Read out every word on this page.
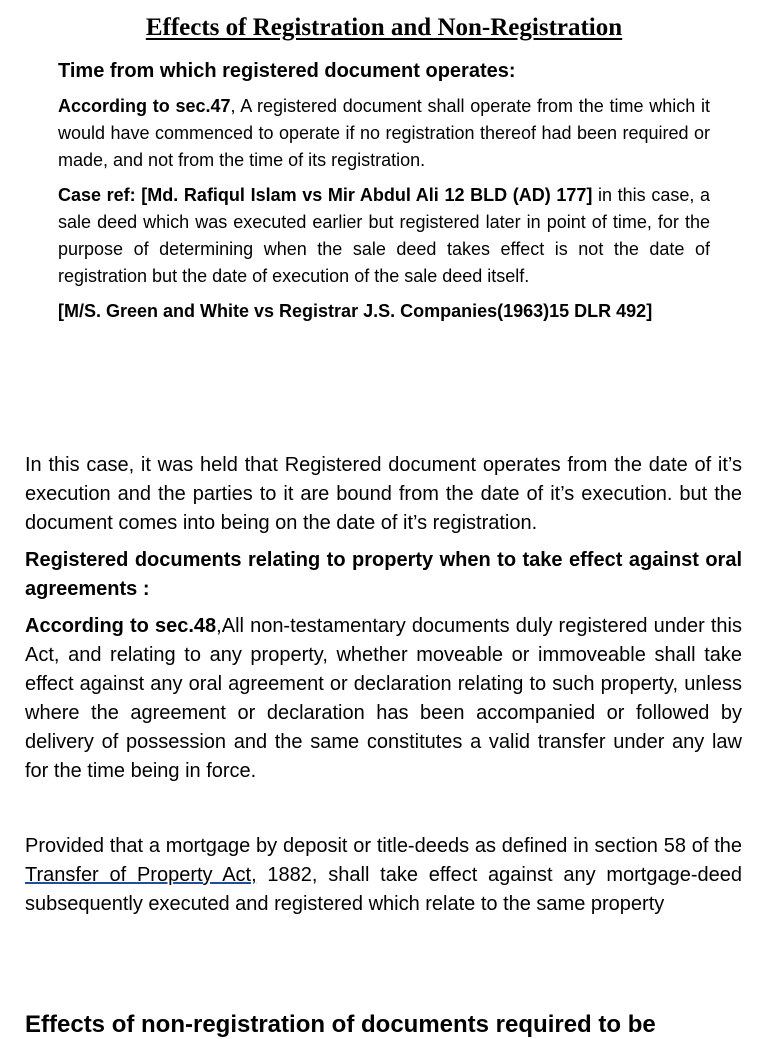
Effects of Registration and Non-Registration

Time from which registered document operates:

According to sec.47, A registered document shall operate from the time which it would have commenced to operate if no registration thereof had been required or made, and not from the time of its registration.

Case ref: [Md. Rafiqul Islam vs Mir Abdul Ali 12 BLD (AD) 177] in this case, a sale deed which was executed earlier but registered later in point of time, for the purpose of determining when the sale deed takes effect is not the date of registration but the date of execution of the sale deed itself.

[M/S. Green and White vs Registrar J.S. Companies(1963)15 DLR 492]

In this case, it was held that Registered document operates from the date of it’s execution and the parties to it are bound from the date of it’s execution. but the document comes into being on the date of it’s registration.

Registered documents relating to property when to take effect against oral agreements :

According to sec.48,All non-testamentary documents duly registered under this Act, and relating to any property, whether moveable or immoveable shall take effect against any oral agreement or declaration relating to such property, unless where the agreement or declaration has been accompanied or followed by delivery of possession and the same constitutes a valid transfer under any law for the time being in force.

Provided that a mortgage by deposit or title-deeds as defined in section 58 of the Transfer of Property Act, 1882, shall take effect against any mortgage-deed subsequently executed and registered which relate to the same property

Effects of non-registration of documents required to be
